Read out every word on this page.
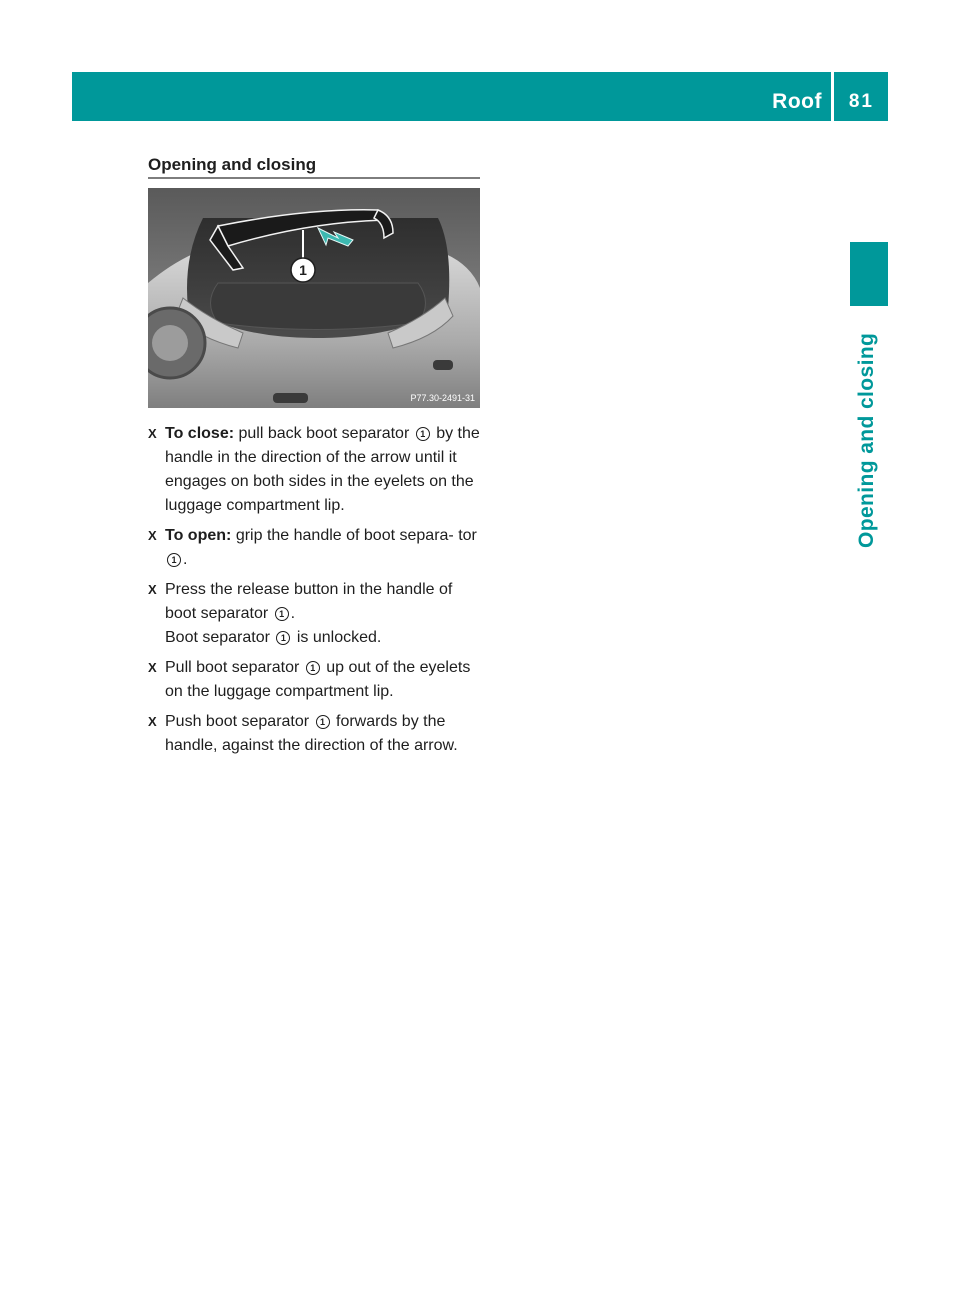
Roof 81
Opening and closing
Opening and closing
1
P77.30-2491-31
X To close: pull back boot separator 1 by the handle in the direction of the arrow until it engages on both sides in the eyelets on the luggage compartment lip.
X To open: grip the handle of boot separa- tor 1 .
X Press the release button in the handle of boot separator 1 .
Boot separator 1 is unlocked.
X Pull boot separator 1 up out of the eyelets on the luggage compartment lip.
X Push boot separator 1 forwards by the handle, against the direction of the arrow.
